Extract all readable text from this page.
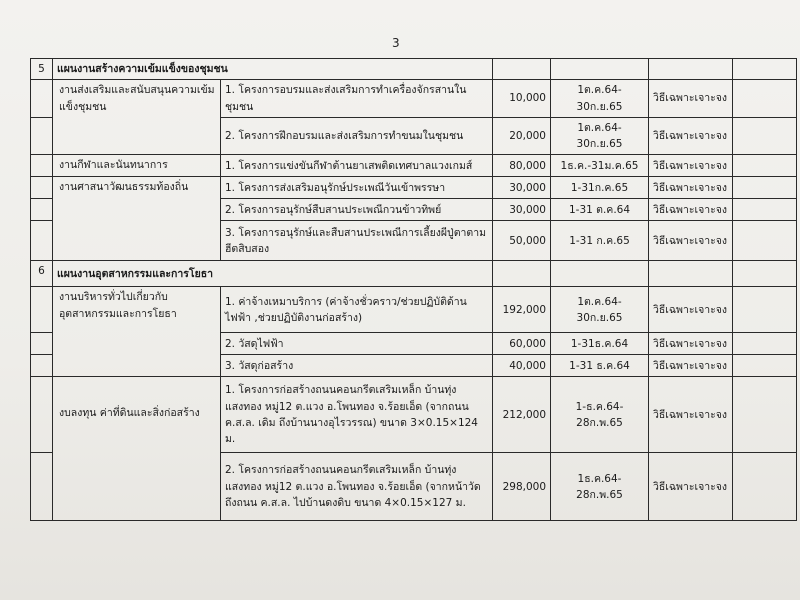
3
5	แผนงานสร้างความเข้มแข็งของชุมชน					
	งานส่งเสริมและสนับสนุนความเข้มแข็งชุมชน	1. โครงการอบรมและส่งเสริมการทำเครื่องจักรสานในชุมชน	10,000	1ต.ค.64-30ก.ย.65	วิธีเฉพาะเจาะจง	
		2. โครงการฝึกอบรมและส่งเสริมการทำขนมในชุมชน	20,000	1ต.ค.64-30ก.ย.65	วิธีเฉพาะเจาะจง	
	งานกีฬาและนันทนาการ	1. โครงการแข่งขันกีฬาต้านยาเสพติดเทศบาลแวงเกมส์	80,000	1ธ.ค.-31ม.ค.65	วิธีเฉพาะเจาะจง	
	งานศาสนาวัฒนธรรมท้องถิ่น	1. โครงการส่งเสริมอนุรักษ์ประเพณีวันเข้าพรรษา	30,000	1-31ก.ค.65	วิธีเฉพาะเจาะจง	
		2. โครงการอนุรักษ์สืบสานประเพณีกวนข้าวทิพย์	30,000	1-31 ต.ค.64	วิธีเฉพาะเจาะจง	
		3. โครงการอนุรักษ์และสืบสานประเพณีการเลี้ยงผีปู่ตาตามฮีตสิบสอง	50,000	1-31 ก.ค.65	วิธีเฉพาะเจาะจง	
6	แผนงานอุตสาหกรรมและการโยธา					
	งานบริหารทั่วไปเกี่ยวกับอุตสาหกรรมและการโยธา	1. ค่าจ้างเหมาบริการ (ค่าจ้างชั่วคราว/ช่วยปฏิบัติด้านไฟฟ้า ,ช่วยปฏิบัติงานก่อสร้าง)	192,000	1ต.ค.64-30ก.ย.65	วิธีเฉพาะเจาะจง	
		2. วัสดุไฟฟ้า	60,000	1-31ธ.ค.64	วิธีเฉพาะเจาะจง	
		3. วัสดุก่อสร้าง	40,000	1-31 ธ.ค.64	วิธีเฉพาะเจาะจง	
	งบลงทุน ค่าที่ดินและสิ่งก่อสร้าง	1. โครงการก่อสร้างถนนคอนกรีตเสริมเหล็ก บ้านทุ่งแสงทอง หมู่12 ต.แวง อ.โพนทอง จ.ร้อยเอ็ด (จากถนน ค.ส.ล. เดิม ถึงบ้านนางอุไรวรรณ) ขนาด 3×0.15×124 ม.	212,000	1-ธ.ค.64-28ก.พ.65	วิธีเฉพาะเจาะจง	
		2. โครงการก่อสร้างถนนคอนกรีตเสริมเหล็ก บ้านทุ่งแสงทอง หมู่12 ต.แวง อ.โพนทอง จ.ร้อยเอ็ด (จากหน้าวัดถึงถนน ค.ส.ล. ไปบ้านดงดิบ ขนาด 4×0.15×127 ม.	298,000	1ธ.ค.64-28ก.พ.65	วิธีเฉพาะเจาะจง	
